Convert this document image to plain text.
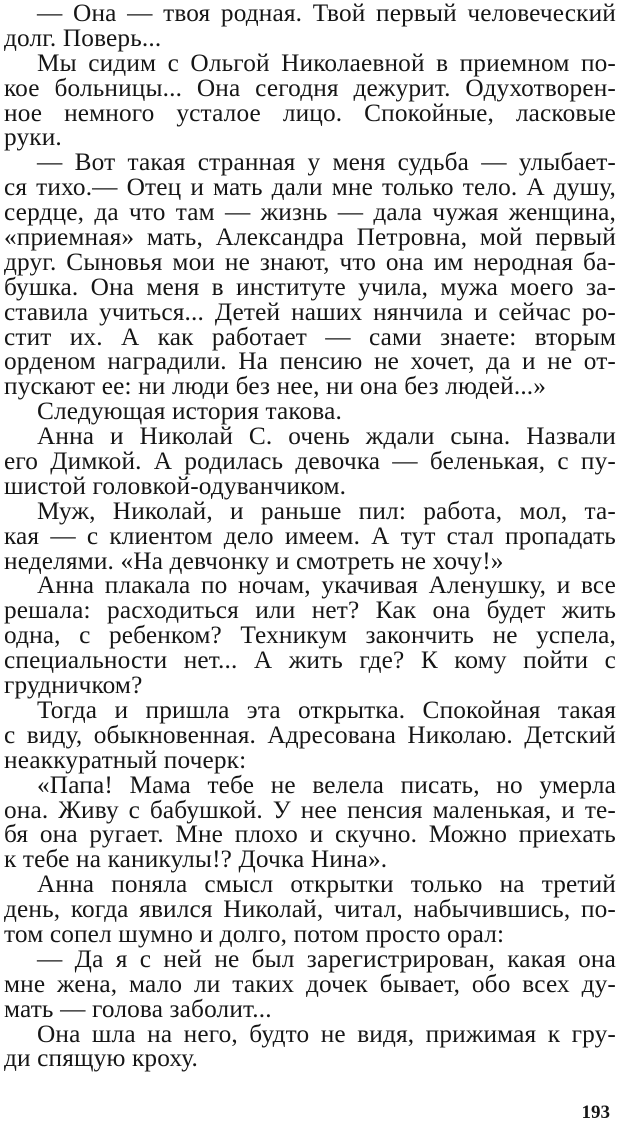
— Она — твоя родная. Твой первый человеческий
долг. Поверь...
Мы сидим с Ольгой Николаевной в приемном по-
кое больницы... Она сегодня дежурит. Одухотворен-
ное немного усталое лицо. Спокойные, ласковые
руки.
— Вот такая странная у меня судьба — улыбает-
ся тихо.— Отец и мать дали мне только тело. А душу,
сердце, да что там — жизнь — дала чужая женщина,
«приемная» мать, Александра Петровна, мой первый
друг. Сыновья мои не знают, что она им неродная ба-
бушка. Она меня в институте учила, мужа моего за-
ставила учиться... Детей наших нянчила и сейчас ро-
стит их. А как работает — сами знаете: вторым
орденом наградили. На пенсию не хочет, да и не от-
пускают ее: ни люди без нее, ни она без людей...»
Следующая история такова.
Анна и Николай С. очень ждали сына. Назвали
его Димкой. А родилась девочка — беленькая, с пу-
шистой головкой-одуванчиком.
Муж, Николай, и раньше пил: работа, мол, та-
кая — с клиентом дело имеем. А тут стал пропадать
неделями. «На девчонку и смотреть не хочу!»
Анна плакала по ночам, укачивая Аленушку, и все
решала: расходиться или нет? Как она будет жить
одна, с ребенком? Техникум закончить не успела,
специальности нет... А жить где? К кому пойти с
грудничком?
Тогда и пришла эта открытка. Спокойная такая
с виду, обыкновенная. Адресована Николаю. Детский
неаккуратный почерк:
«Папа! Мама тебе не велела писать, но умерла
она. Живу с бабушкой. У нее пенсия маленькая, и те-
бя она ругает. Мне плохо и скучно. Можно приехать
к тебе на каникулы!? Дочка Нина».
Анна поняла смысл открытки только на третий
день, когда явился Николай, читал, набычившись, по-
том сопел шумно и долго, потом просто орал:
— Да я с ней не был зарегистрирован, какая она
мне жена, мало ли таких дочек бывает, обо всех ду-
мать — голова заболит...
Она шла на него, будто не видя, прижимая к гру-
ди спящую кроху.
193
